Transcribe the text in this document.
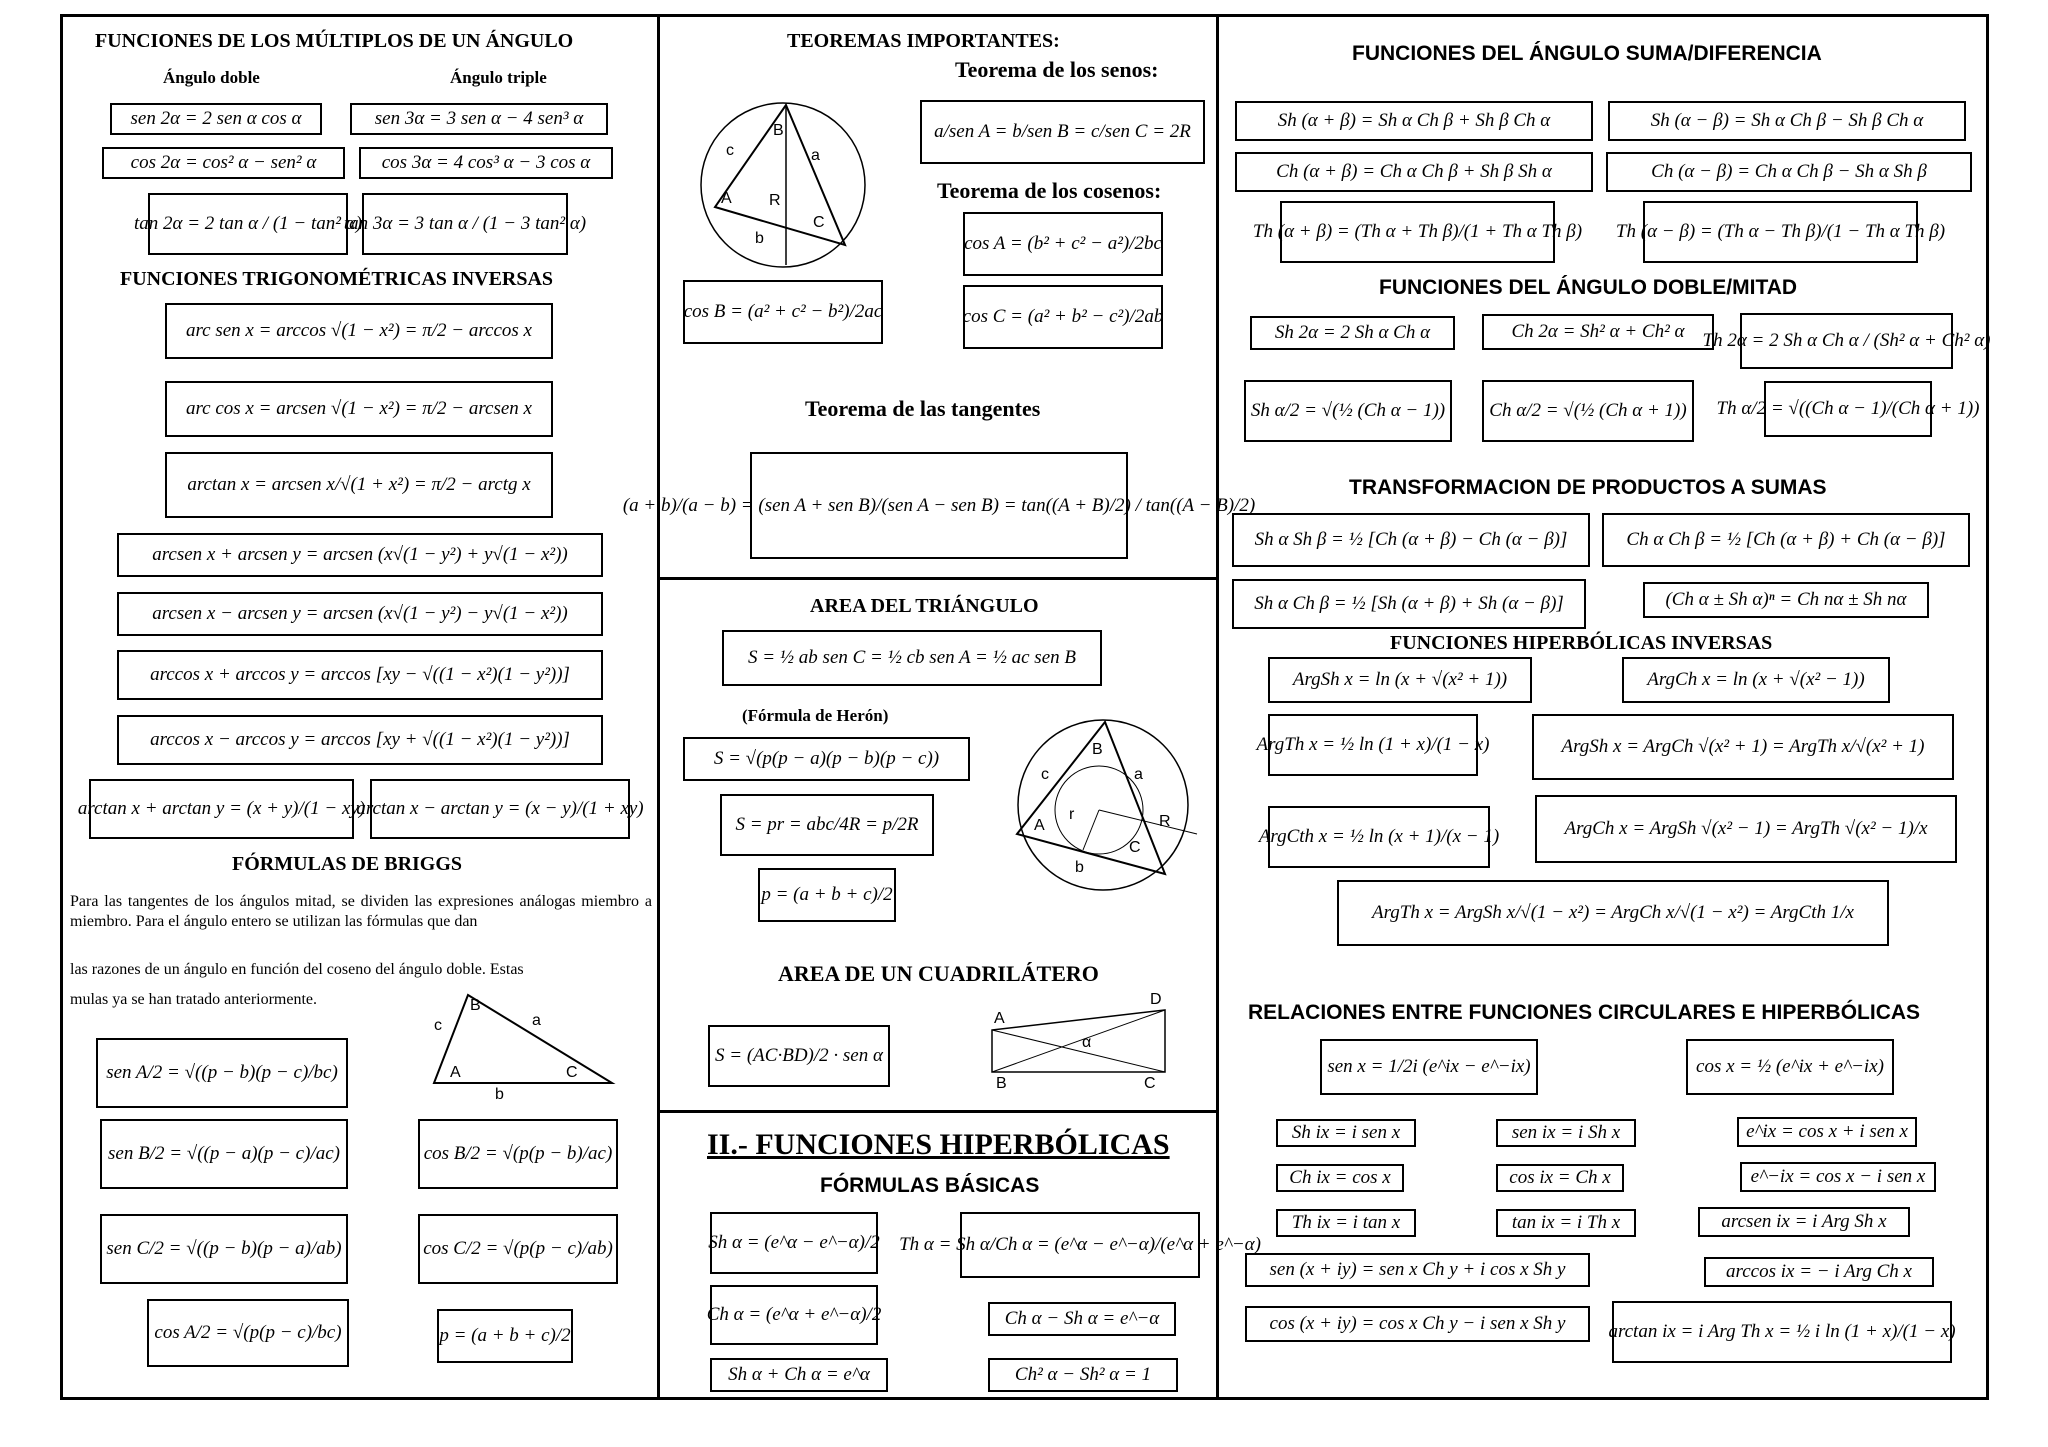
FUNCIONES DE LOS MÚLTIPLOS DE UN ÁNGULO
Ángulo doble	Ángulo triple
sen 2α = 2 sen α cos α	sen 3α = 3 sen α − 4 sen³ α
cos 2α = cos² α − sen² α	cos 3α = 4 cos³ α − 3 cos α
tan 2α = 2 tan α / (1 − tan² α)
tan 3α = 3 tan α / (1 − 3 tan² α)
FUNCIONES TRIGONOMÉTRICAS INVERSAS
arc sen x = arccos √(1 − x²) = π/2 − arccos x
arc cos x = arcsen √(1 − x²) = π/2 − arcsen x
arctan x = arcsen x/√(1 + x²) = π/2 − arctg x
arcsen x + arcsen y = arcsen (x√(1 − y²) + y√(1 − x²))
arcsen x − arcsen y = arcsen (x√(1 − y²) − y√(1 − x²))
arccos x + arccos y = arccos [xy − √((1 − x²)(1 − y²))]
arccos x − arccos y = arccos [xy + √((1 − x²)(1 − y²))]
arctan x + arctan y = (x + y)/(1 − xy)
arctan x − arctan y = (x − y)/(1 + xy)
FÓRMULAS DE BRIGGS
Para las tangentes de los ángulos mitad, se dividen las expresiones análogas miembro a miembro. Para el ángulo entero se utilizan las fórmulas que dan
las razones de un ángulo en función del coseno del ángulo doble. Estas
mulas ya se han tratado anteriormente.	B
a
c
A	C
b
sen A/2 = √((p − b)(p − c)/bc)
sen B/2 = √((p − a)(p − c)/ac)	cos B/2 = √(p(p − b)/ac)
sen C/2 = √((p − b)(p − a)/ab)	cos C/2 = √(p(p − c)/ab)
cos A/2 = √(p(p − c)/bc)	p = (a + b + c)/2
TEOREMAS IMPORTANTES:
Teorema de los senos:
B
c	a
A R
C
b
a/sen A = b/sen B = c/sen C = 2R
Teorema de los cosenos:
cos A = (b² + c² − a²)/2bc
cos B = (a² + c² − b²)/2ac	cos C = (a² + b² − c²)/2ab
Teorema de las tangentes
(a + b)/(a − b) = (sen A + sen B)/(sen A − sen B) = tan((A + B)/2) / tan((A − B)/2)
AREA DEL TRIÁNGULO
S = ½ ab sen C = ½ cb sen A = ½ ac sen B
(Fórmula de Herón)
S = √(p(p − a)(p − b)(p − c))
S = pr = abc/4R = p/2R
p = (a + b + c)/2
B
c	a
r
A	R
C
b
AREA DE UN CUADRILÁTERO
S = (AC·BD)/2 · sen α
A
D
α
B	C
II.- FUNCIONES HIPERBÓLICAS
FÓRMULAS BÁSICAS
Sh α = (e^α − e^−α)/2 Th α = Sh α/Ch α = (e^α − e^−α)/(e^α + e^−α)
Ch α = (e^α + e^−α)/2	Ch α − Sh α = e^−α
Sh α + Ch α = e^α	Ch² α − Sh² α = 1
FUNCIONES DEL ÁNGULO SUMA/DIFERENCIA
Sh (α + β) = Sh α Ch β + Sh β Ch α	Sh (α − β) = Sh α Ch β − Sh β Ch α
Ch (α + β) = Ch α Ch β + Sh β Sh α	Ch (α − β) = Ch α Ch β − Sh α Sh β
Th (α + β) = (Th α + Th β)/(1 + Th α Th β) Th (α − β) = (Th α − Th β)/(1 − Th α Th β)
FUNCIONES DEL ÁNGULO DOBLE/MITAD
Sh 2α = 2 Sh α Ch α	Ch 2α = Sh² α + Ch² α Th 2α = 2 Sh α Ch α / (Sh² α + Ch² α)
Sh α/2 = √(½ (Ch α − 1))	Ch α/2 = √(½ (Ch α + 1))	Th α/2 = √((Ch α − 1)/(Ch α + 1))
TRANSFORMACION DE PRODUCTOS A SUMAS
Sh α Sh β = ½ [Ch (α + β) − Ch (α − β)]	Ch α Ch β = ½ [Ch (α + β) + Ch (α − β)]
Sh α Ch β = ½ [Sh (α + β) + Sh (α − β)]	(Ch α ± Sh α)ⁿ = Ch nα ± Sh nα
FUNCIONES HIPERBÓLICAS INVERSAS
ArgSh x = ln (x + √(x² + 1))	ArgCh x = ln (x + √(x² − 1))
ArgTh x = ½ ln (1 + x)/(1 − x)	ArgSh x = ArgCh √(x² + 1) = ArgTh x/√(x² + 1)
ArgCth x = ½ ln (x + 1)/(x − 1)	ArgCh x = ArgSh √(x² − 1) = ArgTh √(x² − 1)/x
ArgTh x = ArgSh x/√(1 − x²) = ArgCh x/√(1 − x²) = ArgCth 1/x
RELACIONES ENTRE FUNCIONES CIRCULARES E HIPERBÓLICAS
sen x = 1/2i (e^ix − e^−ix)	cos x = ½ (e^ix + e^−ix)
Sh ix = i sen x	sen ix = i Sh x	e^ix = cos x + i sen x
Ch ix = cos x	cos ix = Ch x	e^−ix = cos x − i sen x
Th ix = i tan x	tan ix = i Th x	arcsen ix = i Arg Sh x
sen (x + iy) = sen x Ch y + i cos x Sh y	arccos ix = − i Arg Ch x
cos (x + iy) = cos x Ch y − i sen x Sh y	arctan ix = i Arg Th x = ½ i ln (1 + x)/(1 − x)
